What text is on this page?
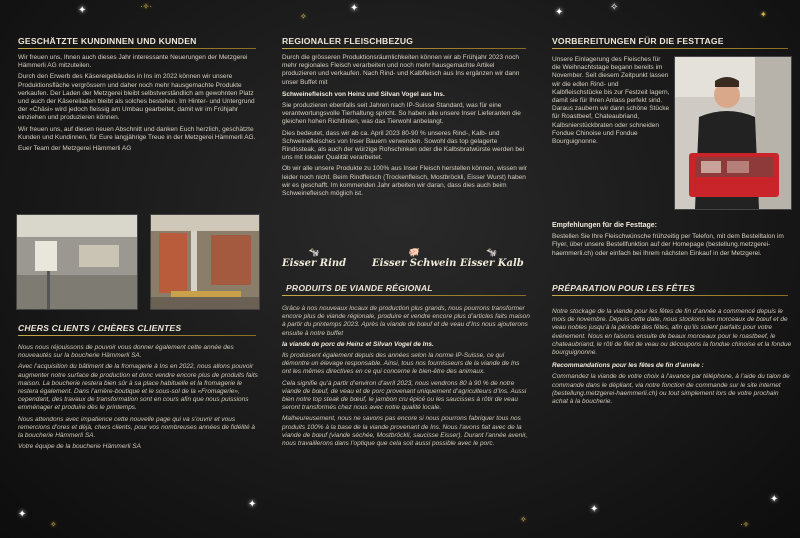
✦	·✧·	✦
✧	✦	✧
✦
✦
✧
✦
✧
✦
✦
·✧
GESCHÄTZTE KUNDINNEN UND KUNDEN

Wir freuen uns, Ihnen auch dieses Jahr interessante Neuerungen der Metzgerei Hämmerli AG mitzuteilen.

Durch den Erwerb des Käsereigebäudes in Ins im 2022 können wir unsere Produktionsfläche vergrössern und daher noch mehr hausgemachte Produkte verkaufen. Der Laden der Metzgerei bleibt selbstverständlich am gewohnten Platz und auch der Käsereiladen bleibt als solches bestehen. Im Hinter- und Untergrund der «Chäsi» wird jedoch fleissig am Umbau gearbeitet, damit wir im Frühjahr einziehen und produzieren können.

Wir freuen uns, auf diesen neuen Abschnitt und danken Euch herzlich, geschätzte Kunden und Kundinnen, für Eure langjährige Treue in der Metzgerei Hämmerli AG.

Euer Team der Metzgerei Hämmerli AG

CHERS CLIENTS / CHÈRES CLIENTES

Nous nous réjouissons de pouvoir vous donner également cette année des nouveautés sur la boucherie Hämmerli SA.

Avec l’acquisition du bâtiment de la fromagerie à Ins en 2022, nous allons pouvoir augmenter notre surface de production et donc vendre encore plus de produits faits maison. La boucherie restera bien sûr à sa place habituelle et la fromagerie le restera également. Dans l’arrière-boutique et le sous-sol de la «Fromagerie», cependant, des travaux de transformation sont en cours afin que nous puissions emménager et produire dès le printemps.

Nous attendons avec impatience cette nouvelle page qui va s’ouvrir et vous remercions d’ores et déjà, chers clients, pour vos nombreuses années de fidélité à la boucherie Hämmerli SA.

Votre équipe de la boucherie Hämmerli SA

REGIONALER FLEISCHBEZUG

Durch die grösseren Produktionsräumlichkeiten können wir ab Frühjahr 2023 noch mehr regionales Fleisch verarbeiten und noch mehr hausgemachte Artikel produzieren und verkaufen. Nach Rind- und Kalbfleisch aus Ins ergänzen wir dann unser Buffet mit

Schweinefleisch von Heinz und Silvan Vogel aus Ins.

Sie produzieren ebenfalls seit Jahren nach IP-Suisse Standard, was für eine verantwortungsvolle Tierhaltung spricht. So haben alle unsere Inser Lieferanten die gleichen hohen Richtlinien, was das Tierwohl anbelangt.

Dies bedeutet, dass wir ab ca. April 2023 80-90 % unseres Rind-, Kalb- und Schweinefleisches von Inser Bauern verwenden. Sowohl das top gelagerte Rindssteak, als auch der würzige Rohschinken oder die Kalbsbratwürste werden bei uns mit lokaler Qualität verarbeitet.

Ob wir alle unsere Produkte zu 100% aus Inser Fleisch herstellen können, wissen wir leider noch nicht. Beim Rindfleisch (Trockenfleisch, Mostbröckli, Eisser Wurst) haben wir es geschafft. Im kommenden Jahr arbeiten wir daran, dass dies auch beim Schweinefleisch möglich ist.

🐄
Eisser Rind
🐖
Eisser Schwein
🐄
Eisser Kalb
PRODUITS DE VIANDE RÉGIONAL

Grâce à nos nouveaux locaux de production plus grands, nous pourrons transformer encore plus de viande régionale, produire et vendre encore plus d’articles faits maison à partir du printemps 2023. Après la viande de bœuf et de veau d’Ins nous ajouterons ensuite à notre buffet

la viande de porc de Heinz et Silvan Vogel de Ins.

Ils produisent également depuis des années selon la norme IP-Suisse, ce qui démontre un élevage responsable. Ainsi, tous nos fournisseurs de la viande de Ins ont les mêmes directives en ce qui concerne le bien-être des animaux.

Cela signifie qu’à partir d’environ d’avril 2023, nous vendrons 80 à 90 % de notre viande de bœuf, de veau et de porc provenant uniquement d’agriculteurs d’Ins. Aussi bien notre top steak de bœuf, le jambon cru épicé ou les saucisses à rôtir de veau seront transformés chez nous avec notre qualité locale.

Malheureusement, nous ne savons pas encore si nous pourrons fabriquer tous nos produits 100% à la base de la viande provenant de Ins. Nous l’avons fait avec de la viande de bœuf (viande séchée, Mostbröckli, saucisse Eisser). Durant l’année avenir, nous travaillerons dans l’optique que cela soit aussi possible avec le porc.

VORBEREITUNGEN FÜR DIE FESTTAGE

Unsere Einlagerung des Fleisches für die Weihnachtstage begann bereits im November. Seit diesem Zeitpunkt lassen wir die edlen Rind- und Kalbfleischstücke bis zur Festzeit lagern, damit sie für Ihren Anlass perfekt sind. Daraus zaubern wir dann schöne Stücke für Roastbeef, Chateaubriand, Kalbsnierstückbraten oder schneiden Fondue Chinoise und Fondue Bourguignonne.

Empfehlungen für die Festtage:

Bestellen Sie Ihre Fleischwünsche frühzeitig per Telefon, mit dem Bestelltalon im Flyer, über unsere Bestellfunktion auf der Homepage (bestellung.metzgerei-haemmerli.ch) oder einfach bei Ihrem nächsten Einkauf in der Metzgerei.

PRÉPARATION POUR LES FÊTES

Notre stockage de la viande pour les fêtes de fin d’année a commencé depuis le mois de novembre. Depuis cette date, nous stockons les morceaux de bœuf et de veau nobles jusqu’à la période des fêtes, afin qu’ils soient parfaits pour votre événement. Nous en faisons ensuite de beaux morceaux pour le roastbeef, le chateaubriand, le rôti de filet de veau ou découpons la fondue chinoise et la fondue bourguignonne.

Recommandations pour les fêtes de fin d’année :

Commandez la viande de votre choix à l’avance par téléphone, à l’aide du talon de commande dans le dépliant, via notre fonction de commande sur le site internet (bestellung.metzgerei-haemmerli.ch) ou tout simplement lors de votre prochain achat à la boucherie.
